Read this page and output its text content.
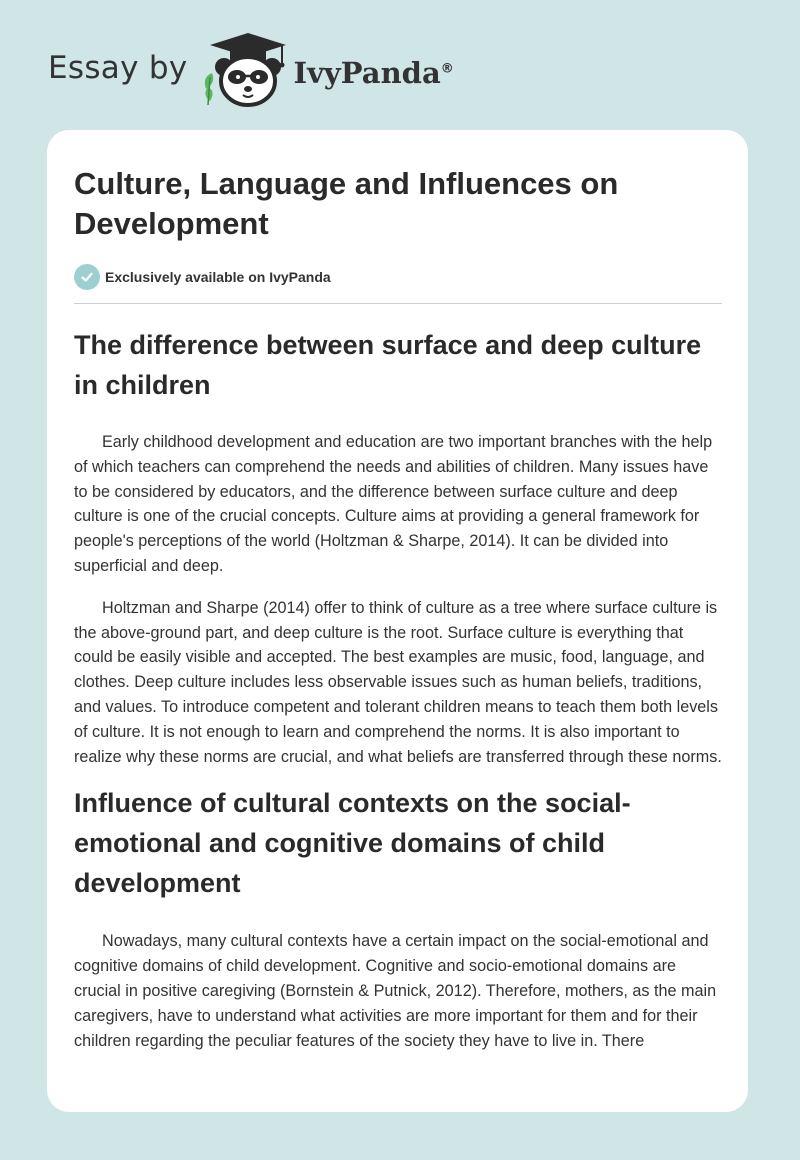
Essay by	IvyPanda®
Culture, Language and Influences on Development
Exclusively available on IvyPanda
The difference between surface and deep culture in children

Early childhood development and education are two important branches with the help of which teachers can comprehend the needs and abilities of children. Many issues have to be considered by educators, and the difference between surface culture and deep culture is one of the crucial concepts. Culture aims at providing a general framework for people's perceptions of the world (Holtzman & Sharpe, 2014). It can be divided into superficial and deep.

Holtzman and Sharpe (2014) offer to think of culture as a tree where surface culture is the above-ground part, and deep culture is the root. Surface culture is everything that could be easily visible and accepted. The best examples are music, food, language, and clothes. Deep culture includes less observable issues such as human beliefs, traditions, and values. To introduce competent and tolerant children means to teach them both levels of culture. It is not enough to learn and comprehend the norms. It is also important to realize why these norms are crucial, and what beliefs are transferred through these norms.

Influence of cultural contexts on the social-emotional and cognitive domains of child development

Nowadays, many cultural contexts have a certain impact on the social-emotional and cognitive domains of child development. Cognitive and socio-emotional domains are crucial in positive caregiving (Bornstein & Putnick, 2012). Therefore, mothers, as the main caregivers, have to understand what activities are more important for them and for their children regarding the peculiar features of the society they have to live in. There
